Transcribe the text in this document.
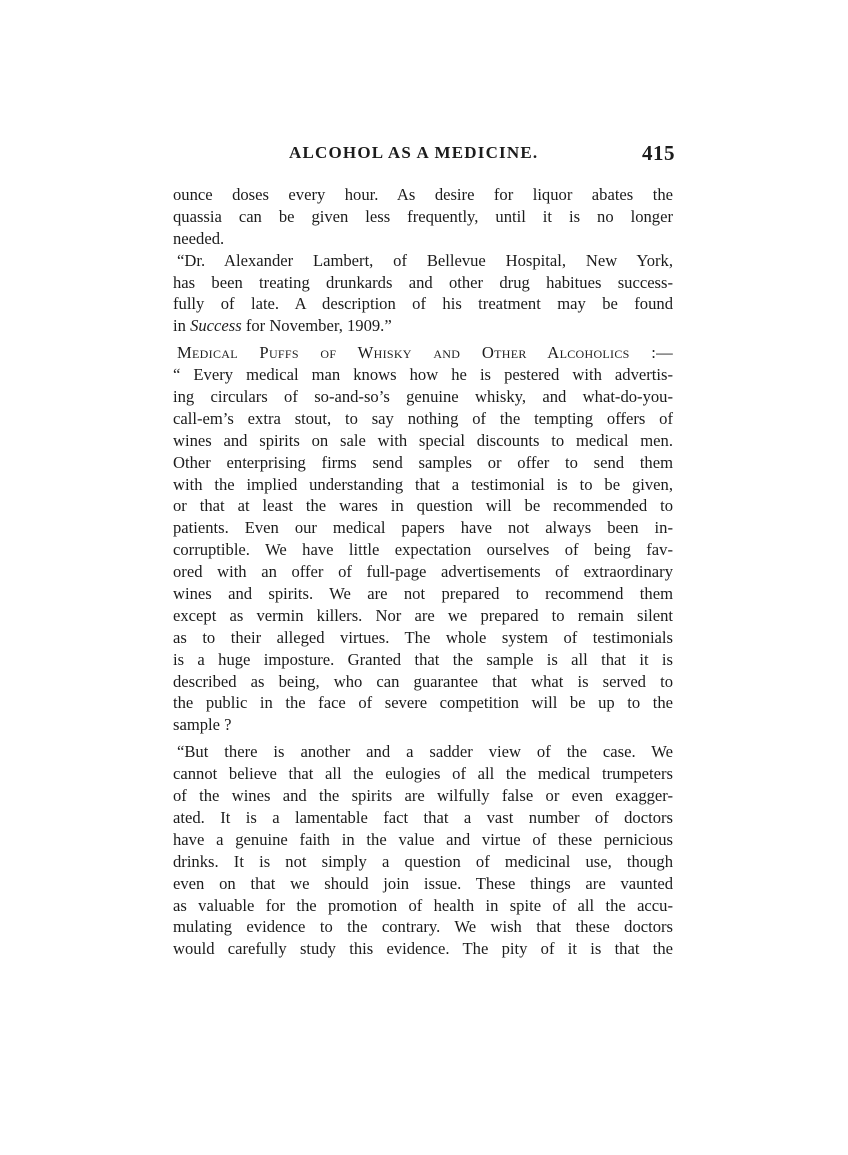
ALCOHOL AS A MEDICINE.	415
ounce doses every hour. As desire for liquor abates the
quassia can be given less frequently, until it is no longer
needed.
“Dr. Alexander Lambert, of Bellevue Hospital, New York,
has been treating drunkards and other drug habitues success-
fully of late. A description of his treatment may be found
in Success for November, 1909.”
Medical Puffs of Whisky and Other Alcoholics :—
“ Every medical man knows how he is pestered with advertis-
ing circulars of so-and-so’s genuine whisky, and what-do-you-
call-em’s extra stout, to say nothing of the tempting offers of
wines and spirits on sale with special discounts to medical men.
Other enterprising firms send samples or offer to send them
with the implied understanding that a testimonial is to be given,
or that at least the wares in question will be recommended to
patients. Even our medical papers have not always been in-
corruptible. We have little expectation ourselves of being fav-
ored with an offer of full-page advertisements of extraordinary
wines and spirits. We are not prepared to recommend them
except as vermin killers. Nor are we prepared to remain silent
as to their alleged virtues. The whole system of testimonials
is a huge imposture. Granted that the sample is all that it is
described as being, who can guarantee that what is served to
the public in the face of severe competition will be up to the
sample ?
“But there is another and a sadder view of the case. We
cannot believe that all the eulogies of all the medical trumpeters
of the wines and the spirits are wilfully false or even exagger-
ated. It is a lamentable fact that a vast number of doctors
have a genuine faith in the value and virtue of these pernicious
drinks. It is not simply a question of medicinal use, though
even on that we should join issue. These things are vaunted
as valuable for the promotion of health in spite of all the accu-
mulating evidence to the contrary. We wish that these doctors
would carefully study this evidence. The pity of it is that the
